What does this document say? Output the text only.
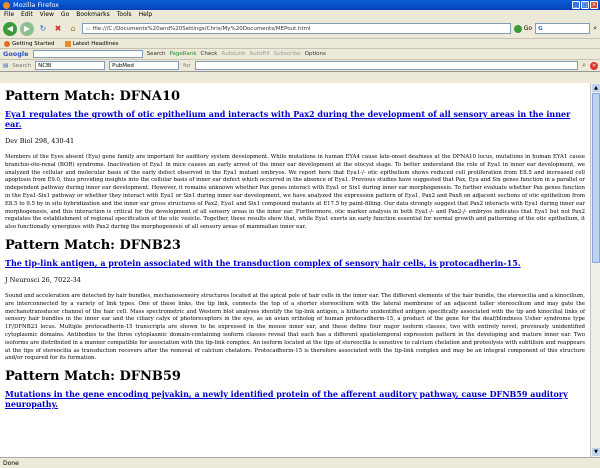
Mozilla Firefox	_	□ ×
File Edit View Go Bookmarks Tools Help
◀	▶	↻	✖	⌂	▫ file:///C:/Documents%20and%20Settings/Chris/My%20Documents/MEPout.html	Go G	⌕
Getting Started	Latest Headlines
Google	Search PageRank Check AutoLink AutoFill Subscribe Options
▤ Search	NCBI	PubMed	for	⌕	✕
Pattern Match: DFNA10
Eya1 regulates the growth of otic epithelium and interacts with Pax2 during the development of all sensory areas in the inner ear.
Dev Biol 298, 430-41
Members of the Eyes absent (Eya) gene family are important for auditory system development. While mutations in human EYA4 cause late-onset deafness at the DFNA10 locus, mutations in human EYA1 cause branchio-oto-renal (BOR) syndrome. Inactivation of Eya1 in mice causes an early arrest of the inner ear development at the otocyst stage. To better understand the role of Eya1 in inner ear development, we analyzed the cellular and molecular basis of the early defect observed in the Eya1 mutant embryos. We report here that Eya1-/- otic epithelium shows reduced cell proliferation from E8.5 and increased cell apoptosis from E9.0, thus providing insights into the cellular basis of inner ear defect which occurred in the absence of Eya1. Previous studies have suggested that Pax, Eya and Six genes function in a parallel or independent pathway during inner ear development. However, it remains unknown whether Pax genes interact with Eya1 or Six1 during inner ear morphogenesis. To further evaluate whether Pax genes function in the Eya1-Six1 pathway or whether they interact with Eya1 or Six1 during inner ear development, we have analyzed the expression pattern of Eya1, Pax2 and Pax8 on adjacent sections of otic epithelium from E8.5 to 9.5 by in situ hybridization and the inner ear gross structures of Pax2, Eya1 and Six1 compound mutants at E17.5 by paint-filling. Our data strongly suggest that Pax2 interacts with Eya1 during inner ear morphogenesis, and this interaction is critical for the development of all sensory areas in the inner ear. Furthermore, otic marker analysis in both Eya1-/- and Pax2-/- embryos indicates that Eya1 but not Pax2 regulates the establishment of regional specification of the otic vesicle. Together, these results show that, while Eya1 exerts an early function essential for normal growth and patterning of the otic epithelium, it also functionally synergizes with Pax2 during the morphogenesis of all sensory areas of mammalian inner ear.
Pattern Match: DFNB23
The tip-link antigen, a protein associated with the transduction complex of sensory hair cells, is protocadherin-15.
J Neurosci 26, 7022-34
Sound and acceleration are detected by hair bundles, mechanosensory structures located at the apical pole of hair cells in the inner ear. The different elements of the hair bundle, the stereocilia and a kinocilium, are interconnected by a variety of link types. One of these links, the tip link, connects the top of a shorter stereocilium with the lateral membrane of an adjacent taller stereocilium and may gate the mechanotransducer channel of the hair cell. Mass spectrometric and Western blot analyses identify the tip-link antigen, a hitherto unidentified antigen specifically associated with the tip and kinocilial links of sensory hair bundles in the inner ear and the ciliary calyx of photoreceptors in the eye, as an avian ortholog of human protocadherin-15, a product of the gene for the deaf/blindness Usher syndrome type 1F/DFNB23 locus. Multiple protocadherin-15 transcripts are shown to be expressed in the mouse inner ear, and these define four major isoform classes, two with entirely novel, previously unidentified cytoplasmic domains. Antibodies to the three cytoplasmic domain-containing isoform classes reveal that each has a different spatiotemporal expression pattern in the developing and mature inner ear. Two isoforms are distributed in a manner compatible for association with the tip-link complex. An isoform located at the tips of stereocilia is sensitive to calcium chelation and proteolysis with subtilisin and reappears at the tips of stereocilia as transduction recovers after the removal of calcium chelators. Protocadherin-15 is therefore associated with the tip-link complex and may be an integral component of this structure and/or required for its formation.
Pattern Match: DFNB59
Mutations in the gene encoding pejvakin, a newly identified protein of the afferent auditory pathway, cause DFNB59 auditory neuropathy.
▲
▼
Done
